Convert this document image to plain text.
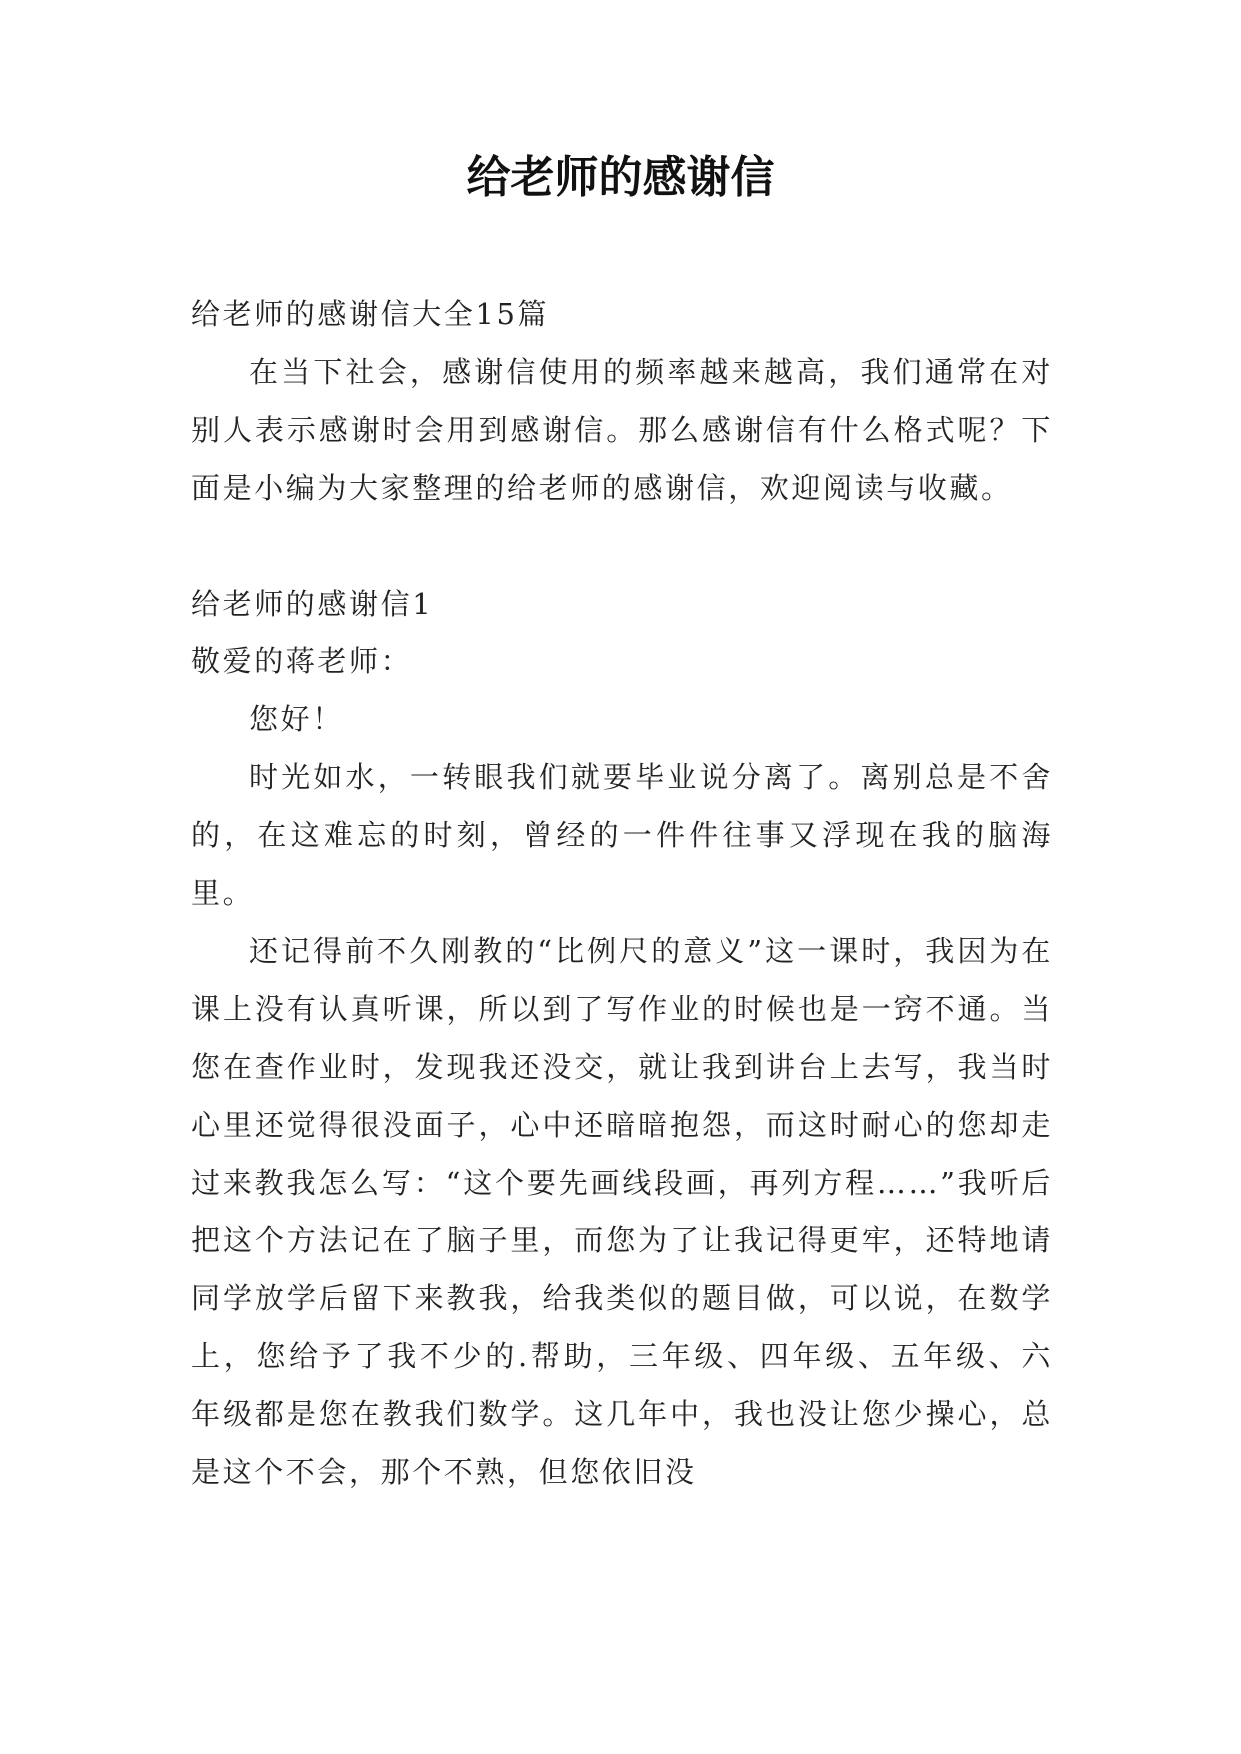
给老师的感谢信

给老师的感谢信大全15篇

在当下社会，感谢信使用的频率越来越高，我们通常在对别人表示感谢时会用到感谢信。那么感谢信有什么格式呢？下面是小编为大家整理的给老师的感谢信，欢迎阅读与收藏。

给老师的感谢信1

敬爱的蒋老师：

您好！

时光如水，一转眼我们就要毕业说分离了。离别总是不舍的，在这难忘的时刻，曾经的一件件往事又浮现在我的脑海里。

还记得前不久刚教的“比例尺的意义”这一课时，我因为在课上没有认真听课，所以到了写作业的时候也是一窍不通。当您在查作业时，发现我还没交，就让我到讲台上去写，我当时心里还觉得很没面子，心中还暗暗抱怨，而这时耐心的您却走过来教我怎么写：“这个要先画线段画，再列方程……”我听后把这个方法记在了脑子里，而您为了让我记得更牢，还特地请同学放学后留下来教我，给我类似的题目做，可以说，在数学上，您给予了我不少的.帮助，三年级、四年级、五年级、六年级都是您在教我们数学。这几年中，我也没让您少操心，总是这个不会，那个不熟，但您依旧没
